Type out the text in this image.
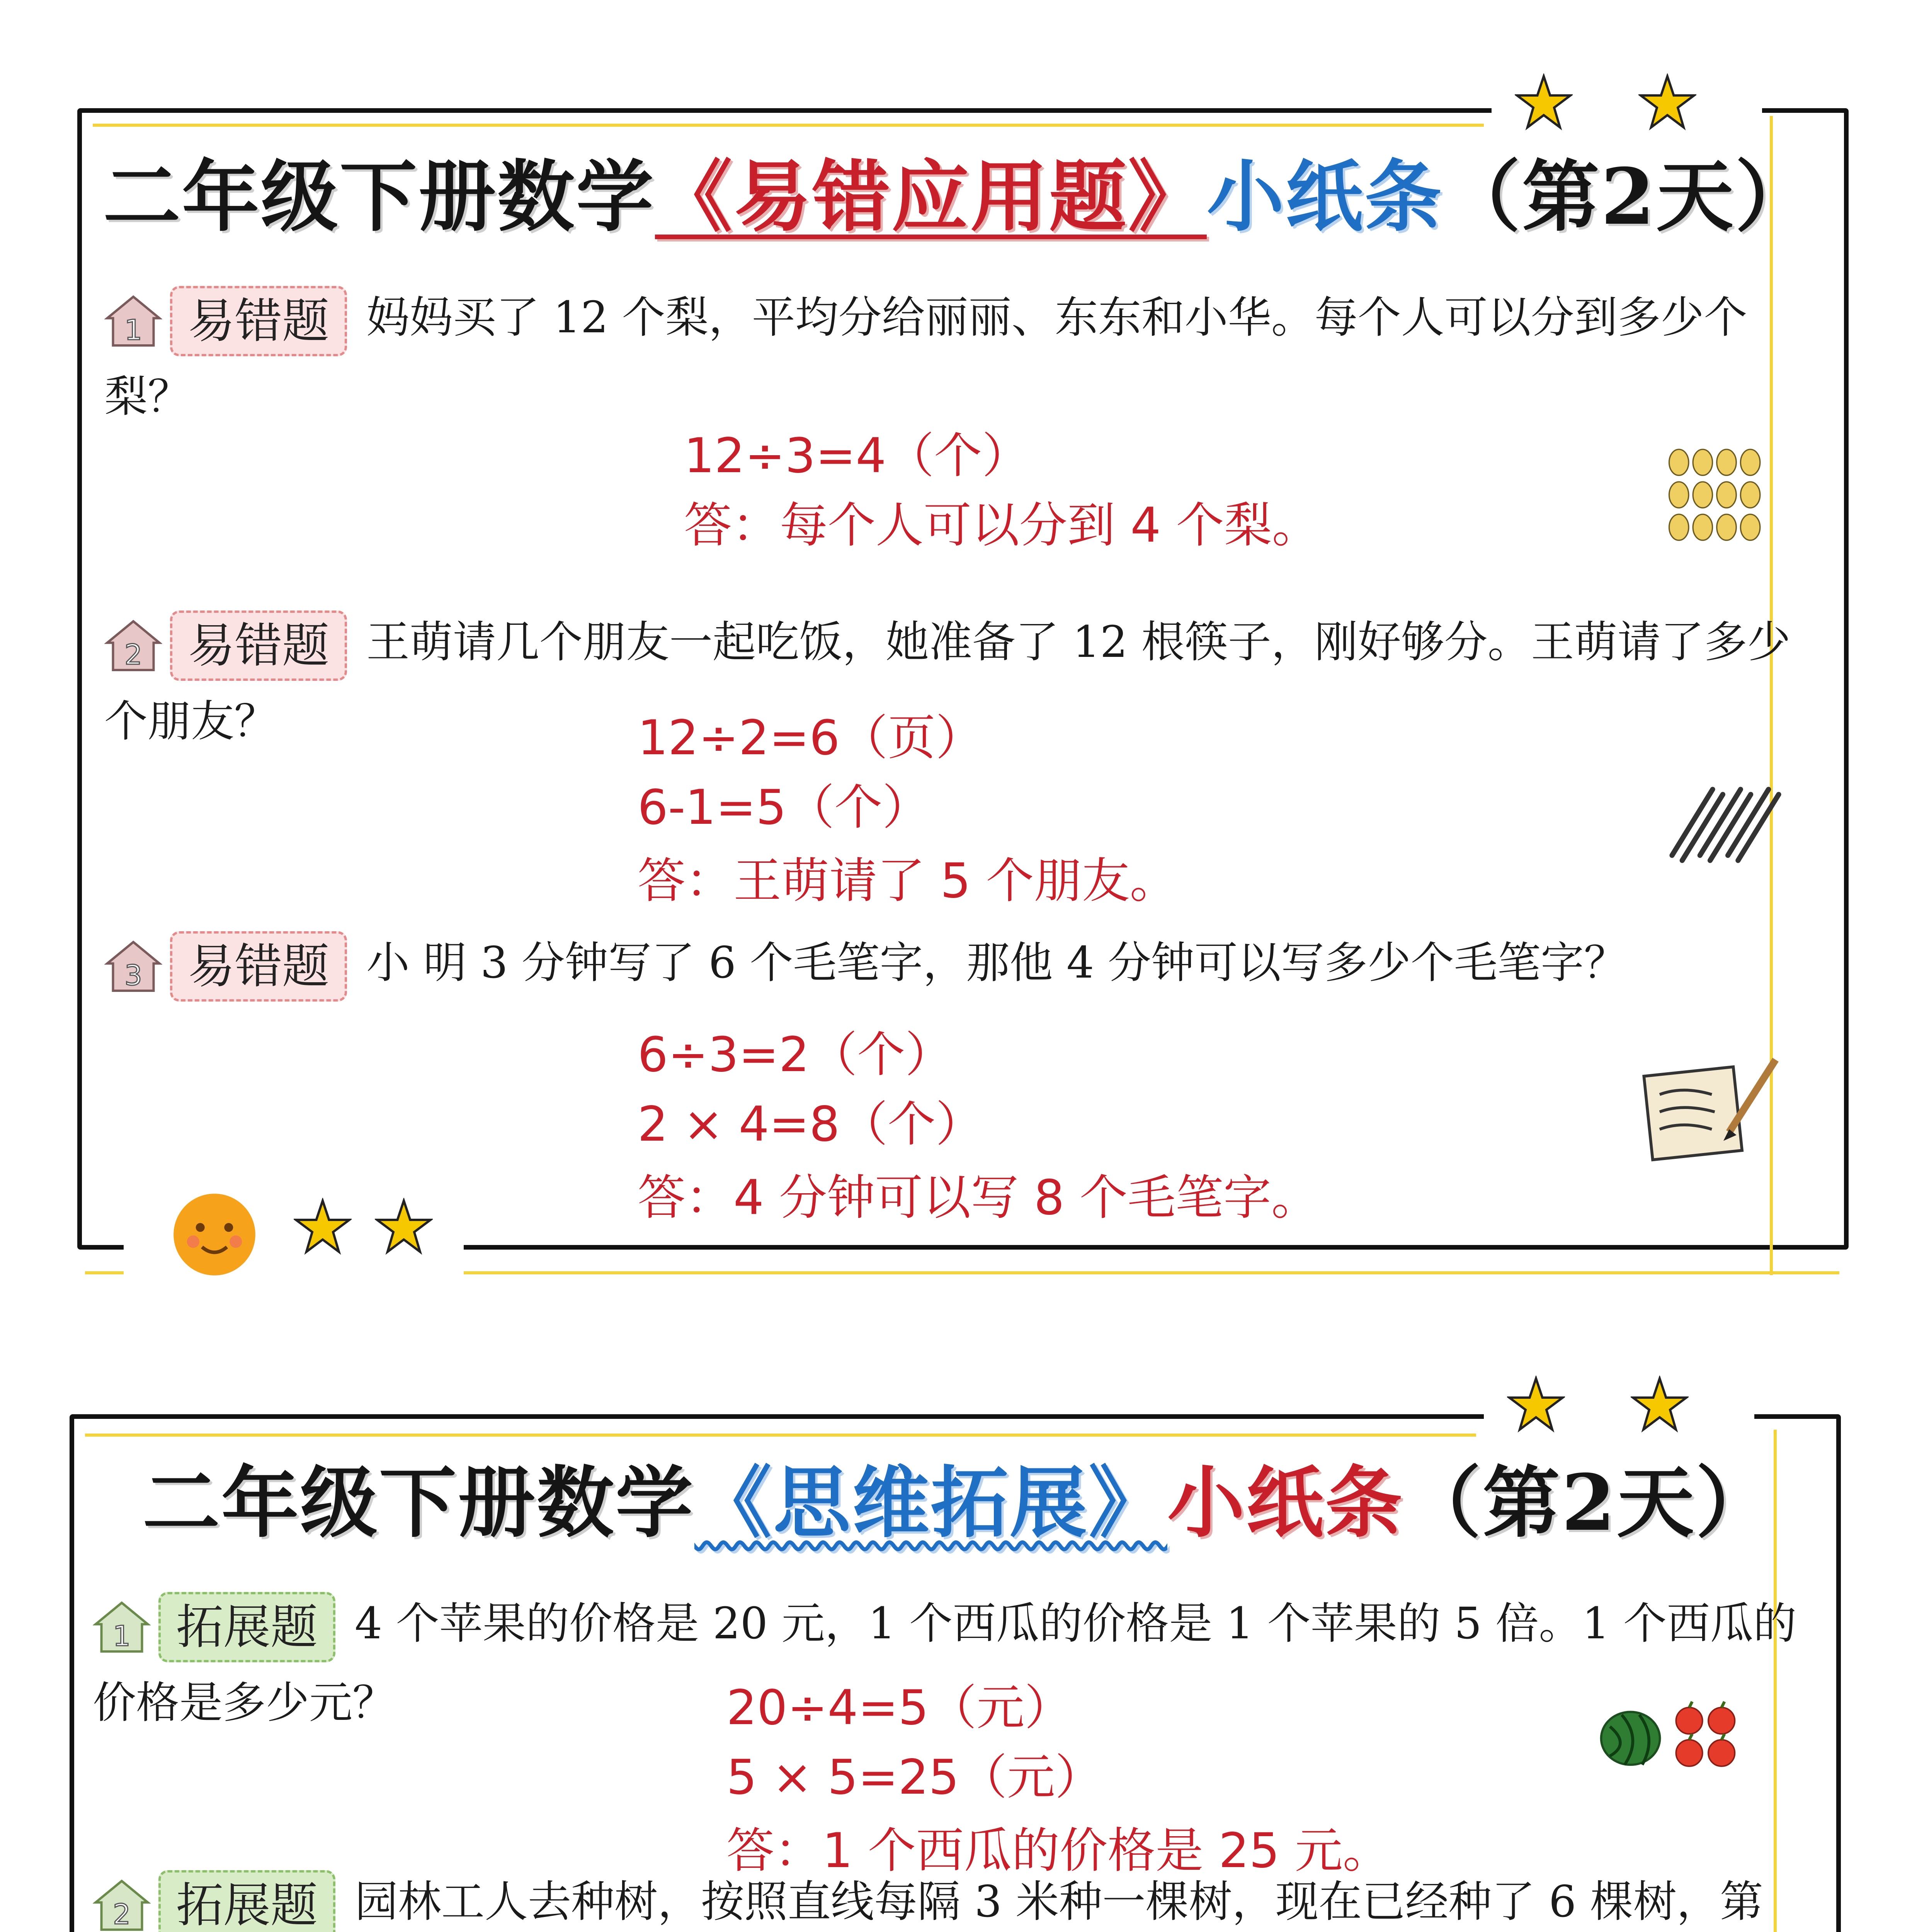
二年级下册数学《易错应用题》小纸条（第2天）
1 易错题 妈妈买了 12 个梨，平均分给丽丽、东东和小华。每个人可以分到多少个梨？
12÷3=4（个）
答：每个人可以分到 4 个梨。
2 易错题 王萌请几个朋友一起吃饭，她准备了 12 根筷子，刚好够分。王萌请了多少个朋友？	12÷2=6（页）
6-1=5（个）
答：王萌请了 5 个朋友。
3 易错题 小 明 3 分钟写了 6 个毛笔字，那他 4 分钟可以写多少个毛笔字？
6÷3=2（个）
2 × 4=8（个）
答：4 分钟可以写 8 个毛笔字。
二年级下册数学《思维拓展》小纸条（第2天）
1 拓展题 4 个苹果的价格是 20 元，1 个西瓜的价格是 1 个苹果的 5 倍。1 个西瓜的价格是多少元？	20÷4=5（元）
5 × 5=25（元）
答：1 个西瓜的价格是 25 元。
2 拓展题 园林工人去种树，按照直线每隔 3 米种一棵树，现在已经种了 6 棵树，第
